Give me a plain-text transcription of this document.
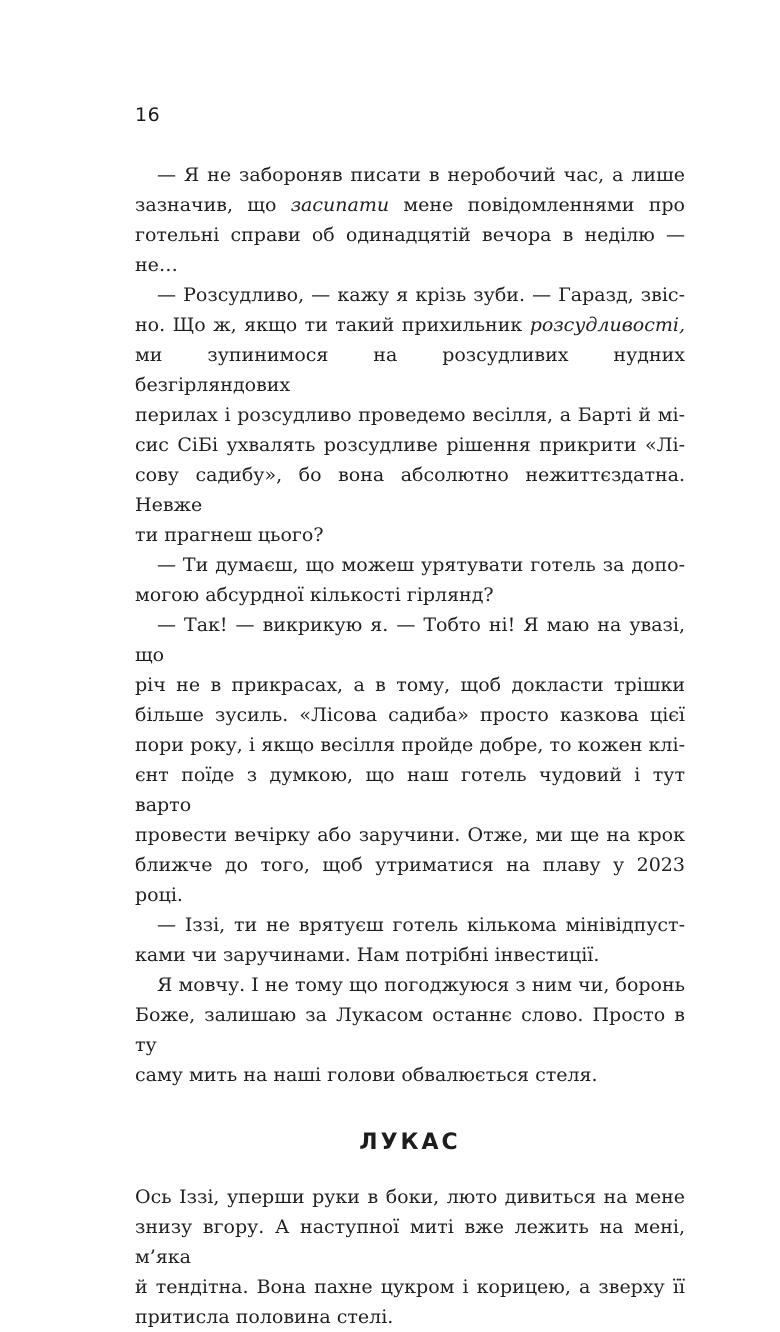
16
— Я не забороняв писати в неробочий час, а лише
зазначив, що засипати мене повідомленнями про
готельні справи об одинадцятій вечора в неділю — не…
— Розсудливо, — кажу я крізь зуби. — Гаразд, звіс-
но. Що ж, якщо ти такий прихильник розсудливості,
ми зупинимося на розсудливих нудних безгірляндових
перилах і розсудливо проведемо весілля, а Барті й мі-
сис СіБі ухвалять розсудливе рішення прикрити «Лі-
сову садибу», бо вона абсолютно нежиттєздатна. Невже
ти прагнеш цього?
— Ти думаєш, що можеш урятувати готель за допо-
могою абсурдної кількості гірлянд?
— Так! — викрикую я. — Тобто ні! Я маю на увазі, що
річ не в прикрасах, а в тому, щоб докласти трішки
більше зусиль. «Лісова садиба» просто казкова цієї
пори року, і якщо весілля пройде добре, то кожен клі-
єнт поїде з думкою, що наш готель чудовий і тут варто
провести вечірку або заручини. Отже, ми ще на крок
ближче до того, щоб утриматися на плаву у 2023 році.
— Іззі, ти не врятуєш готель кількома мінівідпуст-
ками чи заручинами. Нам потрібні інвестиції.
Я мовчу. І не тому що погоджуюся з ним чи, боронь
Боже, залишаю за Лукасом останнє слово. Просто в ту
саму мить на наші голови обвалюється стеля.
ЛУКАС
Ось Іззі, уперши руки в боки, люто дивиться на мене
знизу вгору. А наступної миті вже лежить на мені, м’яка
й тендітна. Вона пахне цукром і корицею, а зверху її
притисла половина стелі.
